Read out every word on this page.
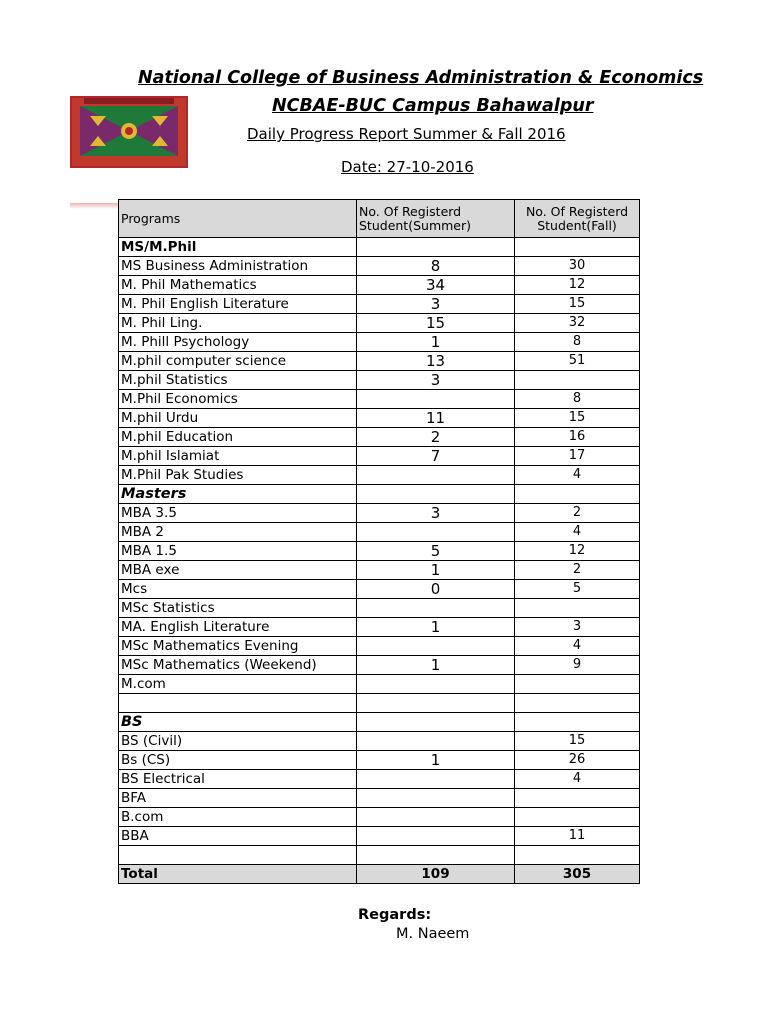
National College of Business Administration & Economics
NCBAE-BUC Campus Bahawalpur
Daily Progress Report Summer & Fall 2016
Date: 27-10-2016
Programs	No. Of Registerd Student(Summer)	No. Of Registerd Student(Fall)
MS/M.Phil		
MS Business Administration	8	30
M. Phil Mathematics	34	12
M. Phil English Literature	3	15
M. Phil Ling.	15	32
M. Phill Psychology	1	8
M.phil computer science	13	51
M.phil Statistics	3	
M.Phil Economics		8
M.phil Urdu	11	15
M.phil Education	2	16
M.phil Islamiat	7	17
M.Phil Pak Studies		4
Masters		
MBA 3.5	3	2
MBA 2		4
MBA 1.5	5	12
MBA exe	1	2
Mcs	0	5
MSc Statistics		
MA. English Literature	1	3
MSc Mathematics Evening		4
MSc Mathematics (Weekend)	1	9
M.com		

BS		
BS (Civil)		15
Bs (CS)	1	26
BS Electrical		4
BFA		
B.com		
BBA		11

Total	109	305
Regards:
M. Naeem
